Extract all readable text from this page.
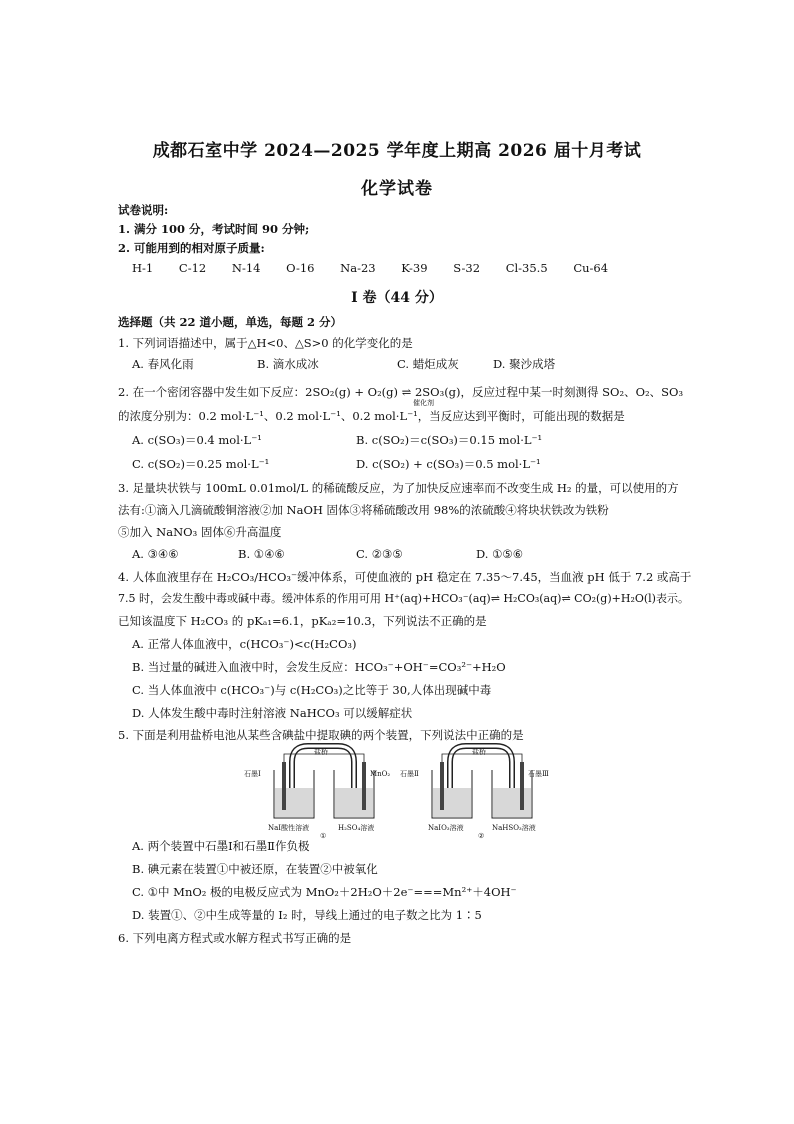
成都石室中学 2024—2025 学年度上期高 2026 届十月考试
化学试卷
试卷说明:
1. 满分 100 分，考试时间 90 分钟;
2. 可能用到的相对原子质量:
H-1 C-12 N-14 O-16 Na-23 K-39 S-32 Cl-35.5 Cu-64
I 卷（44 分）
选择题（共 22 道小题，单选，每题 2 分）
1. 下列词语描述中，属于△H<0、△S>0 的化学变化的是
A. 春风化雨	B. 滴水成冰	C. 蜡炬成灰	D. 聚沙成塔
2. 在一个密闭容器中发生如下反应：2SO₂(g) + O₂(g) ⇌ 2SO₃(g)，反应过程中某一时刻测得 SO₂、O₂、SO₃
催化剂
的浓度分别为：0.2 mol·L⁻¹、0.2 mol·L⁻¹、0.2 mol·L⁻¹，当反应达到平衡时，可能出现的数据是
A. c(SO₃)＝0.4 mol·L⁻¹	B. c(SO₂)＝c(SO₃)＝0.15 mol·L⁻¹
C. c(SO₂)＝0.25 mol·L⁻¹	D. c(SO₂) + c(SO₃)＝0.5 mol·L⁻¹
3. 足量块状铁与 100mL 0.01mol/L 的稀硫酸反应，为了加快反应速率而不改变生成 H₂ 的量，可以使用的方
法有:①滴入几滴硫酸铜溶液②加 NaOH 固体③将稀硫酸改用 98%的浓硫酸④将块状铁改为铁粉
⑤加入 NaNO₃ 固体⑥升高温度
A. ③④⑥	B. ①④⑥	C. ②③⑤	D. ①⑤⑥
4. 人体血液里存在 H₂CO₃/HCO₃⁻缓冲体系，可使血液的 pH 稳定在 7.35～7.45，当血液 pH 低于 7.2 或高于
7.5 时，会发生酸中毒或碱中毒。缓冲体系的作用可用 H⁺(aq)+HCO₃⁻(aq)⇌ H₂CO₃(aq)⇌ CO₂(g)+H₂O(l)表示。
已知该温度下 H₂CO₃ 的 pKₐ₁=6.1，pKₐ₂=10.3，下列说法不正确的是
A. 正常人体血液中，c(HCO₃⁻)<c(H₂CO₃)
B. 当过量的碱进入血液中时，会发生反应：HCO₃⁻+OH⁻=CO₃²⁻+H₂O
C. 当人体血液中 c(HCO₃⁻)与 c(H₂CO₃)之比等于 30,人体出现碱中毒
D. 人体发生酸中毒时注射溶液 NaHCO₃ 可以缓解症状
5. 下面是利用盐桥电池从某些含碘盐中提取碘的两个装置，下列说法中正确的是
石墨Ⅰ
盐桥
MnO₂
NaI酸性溶液	H₂SO₄溶液
①
石墨Ⅱ
盐桥
石墨Ⅲ
NaIO₃溶液	NaHSO₃溶液
②
A. 两个装置中石墨Ⅰ和石墨Ⅱ作负极
B. 碘元素在装置①中被还原，在装置②中被氧化
C. ①中 MnO₂ 极的电极反应式为 MnO₂＋2H₂O＋2e⁻===Mn²⁺＋4OH⁻
D. 装置①、②中生成等量的 I₂ 时，导线上通过的电子数之比为 1∶5
6. 下列电离方程式或水解方程式书写正确的是
